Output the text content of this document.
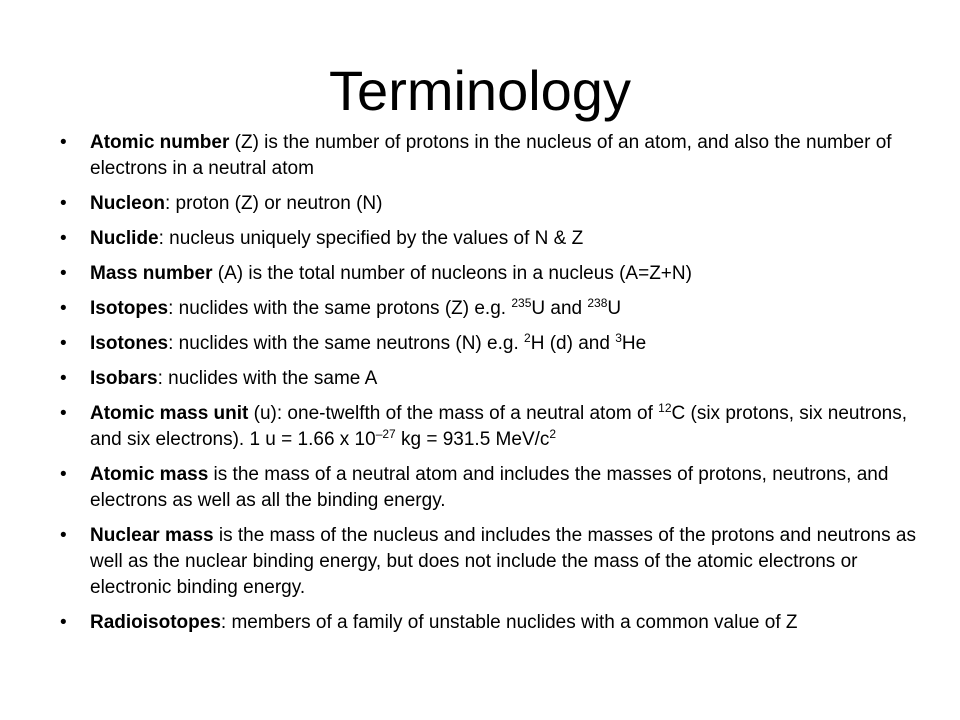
Terminology
• Atomic number (Z) is the number of protons in the nucleus of an atom, and also the number of electrons in a neutral atom
• Nucleon: proton (Z) or neutron (N)
• Nuclide: nucleus uniquely specified by the values of N & Z
• Mass number (A) is the total number of nucleons in a nucleus (A=Z+N)
• Isotopes: nuclides with the same protons (Z) e.g. $^{235}$U and $^{238}$U
• Isotones: nuclides with the same neutrons (N) e.g. $^2$H (d) and $^3$He
• Isobars: nuclides with the same A
• Atomic mass unit (u): one-twelfth of the mass of a neutral atom of $^{12}$C (six protons, six neutrons, and six electrons). 1 u = 1.66 x $10^{-27}$ kg = 931.5 MeV/$c^2$
• Atomic mass is the mass of a neutral atom and includes the masses of protons, neutrons, and electrons as well as all the binding energy.
• Nuclear mass is the mass of the nucleus and includes the masses of the protons and neutrons as well as the nuclear binding energy, but does not include the mass of the atomic electrons or electronic binding energy.
• Radioisotopes: members of a family of unstable nuclides with a common value of Z
